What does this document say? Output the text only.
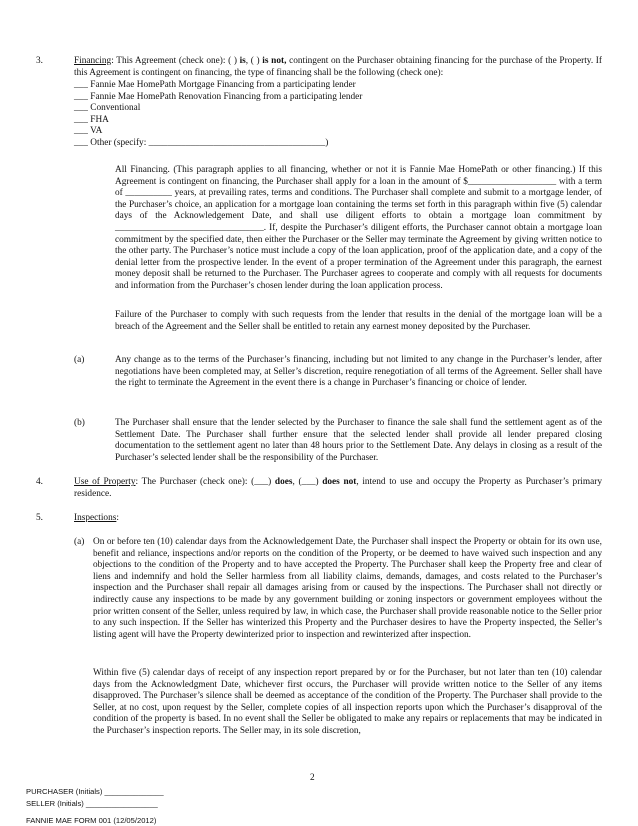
3.	Financing: This Agreement (check one): ( ) is, ( ) is not, contingent on the Purchaser obtaining financing for the purchase of the Property. If this Agreement is contingent on financing, the type of financing shall be the following (check one):
___ Fannie Mae HomePath Mortgage Financing from a participating lender
___ Fannie Mae HomePath Renovation Financing from a participating lender
___ Conventional
___ FHA
___ VA
___ Other (specify: ______________________________________)
All Financing. (This paragraph applies to all financing, whether or not it is Fannie Mae HomePath or other financing.) If this Agreement is contingent on financing, the Purchaser shall apply for a loan in the amount of $___________________ with a term of __________ years, at prevailing rates, terms and conditions. The Purchaser shall complete and submit to a mortgage lender, of the Purchaser’s choice, an application for a mortgage loan containing the terms set forth in this paragraph within five (5) calendar days of the Acknowledgement Date, and shall use diligent efforts to obtain a mortgage loan commitment by ________________________________. If, despite the Purchaser’s diligent efforts, the Purchaser cannot obtain a mortgage loan commitment by the specified date, then either the Purchaser or the Seller may terminate the Agreement by giving written notice to the other party. The Purchaser’s notice must include a copy of the loan application, proof of the application date, and a copy of the denial letter from the prospective lender. In the event of a proper termination of the Agreement under this paragraph, the earnest money deposit shall be returned to the Purchaser. The Purchaser agrees to cooperate and comply with all requests for documents and information from the Purchaser’s chosen lender during the loan application process.
Failure of the Purchaser to comply with such requests from the lender that results in the denial of the mortgage loan will be a breach of the Agreement and the Seller shall be entitled to retain any earnest money deposited by the Purchaser.
(a)	Any change as to the terms of the Purchaser’s financing, including but not limited to any change in the Purchaser’s lender, after negotiations have been completed may, at Seller’s discretion, require renegotiation of all terms of the Agreement. Seller shall have the right to terminate the Agreement in the event there is a change in Purchaser’s financing or choice of lender.
(b)	The Purchaser shall ensure that the lender selected by the Purchaser to finance the sale shall fund the settlement agent as of the Settlement Date. The Purchaser shall further ensure that the selected lender shall provide all lender prepared closing documentation to the settlement agent no later than 48 hours prior to the Settlement Date. Any delays in closing as a result of the Purchaser’s selected lender shall be the responsibility of the Purchaser.
4.	Use of Property: The Purchaser (check one): (___) does, (___) does not, intend to use and occupy the Property as Purchaser’s primary residence.
5.	Inspections:
(a) On or before ten (10) calendar days from the Acknowledgement Date, the Purchaser shall inspect the Property or obtain for its own use, benefit and reliance, inspections and/or reports on the condition of the Property, or be deemed to have waived such inspection and any objections to the condition of the Property and to have accepted the Property. The Purchaser shall keep the Property free and clear of liens and indemnify and hold the Seller harmless from all liability claims, demands, damages, and costs related to the Purchaser’s inspection and the Purchaser shall repair all damages arising from or caused by the inspections. The Purchaser shall not directly or indirectly cause any inspections to be made by any government building or zoning inspectors or government employees without the prior written consent of the Seller, unless required by law, in which case, the Purchaser shall provide reasonable notice to the Seller prior to any such inspection. If the Seller has winterized this Property and the Purchaser desires to have the Property inspected, the Seller’s listing agent will have the Property dewinterized prior to inspection and rewinterized after inspection.
Within five (5) calendar days of receipt of any inspection report prepared by or for the Purchaser, but not later than ten (10) calendar days from the Acknowledgment Date, whichever first occurs, the Purchaser will provide written notice to the Seller of any items disapproved. The Purchaser’s silence shall be deemed as acceptance of the condition of the Property. The Purchaser shall provide to the Seller, at no cost, upon request by the Seller, complete copies of all inspection reports upon which the Purchaser’s disapproval of the condition of the property is based. In no event shall the Seller be obligated to make any repairs or replacements that may be indicated in the Purchaser’s inspection reports. The Seller may, in its sole discretion,
2
PURCHASER (Initials) ______________
SELLER (Initials) _________________
FANNIE MAE FORM 001 (12/05/2012)
